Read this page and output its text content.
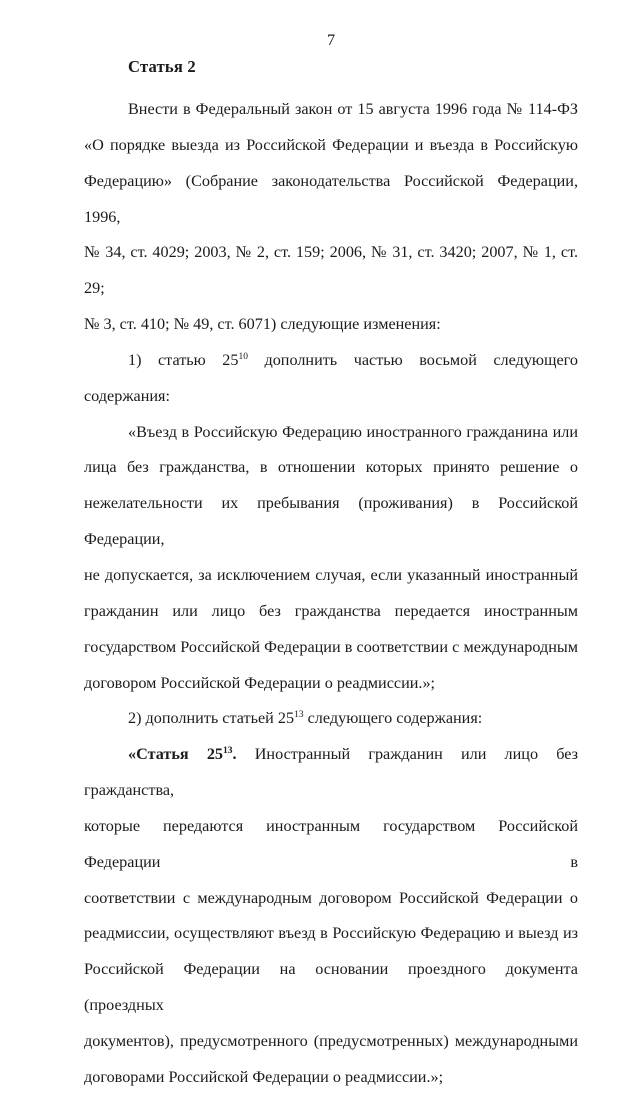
7
Статья 2
Внести в Федеральный закон от 15 августа 1996 года № 114-ФЗ
«О порядке выезда из Российской Федерации и въезда в Российскую
Федерацию» (Собрание законодательства Российской Федерации, 1996,
№ 34, ст. 4029; 2003, № 2, ст. 159; 2006, № 31, ст. 3420; 2007, № 1, ст. 29;
№ 3, ст. 410; № 49, ст. 6071) следующие изменения:
1) статью $25^{10}$ дополнить частью восьмой следующего содержания:
«Въезд в Российскую Федерацию иностранного гражданина или
лица без гражданства, в отношении которых принято решение о
нежелательности их пребывания (проживания) в Российской Федерации,
не допускается, за исключением случая, если указанный иностранный
гражданин или лицо без гражданства передается иностранным
государством Российской Федерации в соответствии с международным
договором Российской Федерации о реадмиссии.»;
2) дополнить статьей $25^{13}$ следующего содержания:
«Статья $25^{13}$. Иностранный гражданин или лицо без гражданства,
которые передаются иностранным государством Российской Федерации в
соответствии с международным договором Российской Федерации о
реадмиссии, осуществляют въезд в Российскую Федерацию и выезд из
Российской Федерации на основании проездного документа (проездных
документов), предусмотренного (предусмотренных) международными
договорами Российской Федерации о реадмиссии.»;
